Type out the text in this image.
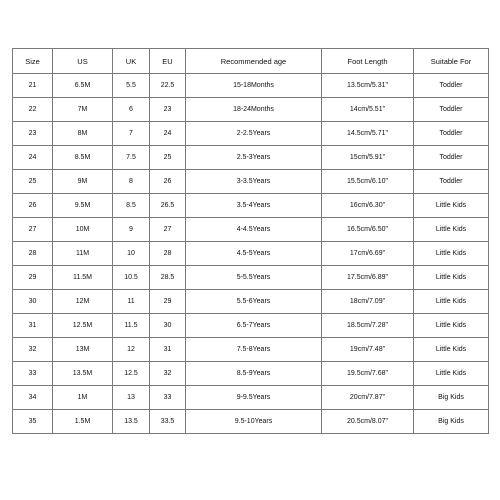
Size	US	UK	EU	Recommended age	Foot Length	Suitable For
21	6.5M	5.5	22.5	15-18Months	13.5cm/5.31"	Toddler
22	7M	6	23	18-24Months	14cm/5.51"	Toddler
23	8M	7	24	2-2.5Years	14.5cm/5.71"	Toddler
24	8.5M	7.5	25	2.5-3Years	15cm/5.91"	Toddler
25	9M	8	26	3-3.5Years	15.5cm/6.10"	Toddler
26	9.5M	8.5	26.5	3.5-4Years	16cm/6.30"	Little Kids
27	10M	9	27	4-4.5Years	16.5cm/6.50"	Little Kids
28	11M	10	28	4.5-5Years	17cm/6.69"	Little Kids
29	11.5M	10.5	28.5	5-5.5Years	17.5cm/6.89"	Little Kids
30	12M	11	29	5.5-6Years	18cm/7.09"	Little Kids
31	12.5M	11.5	30	6.5-7Years	18.5cm/7.28"	Little Kids
32	13M	12	31	7.5-8Years	19cm/7.48"	Little Kids
33	13.5M	12.5	32	8.5-9Years	19.5cm/7.68"	Little Kids
34	1M	13	33	9-9.5Years	20cm/7.87"	Big Kids
35	1.5M	13.5	33.5	9.5-10Years	20.5cm/8.07"	Big Kids
